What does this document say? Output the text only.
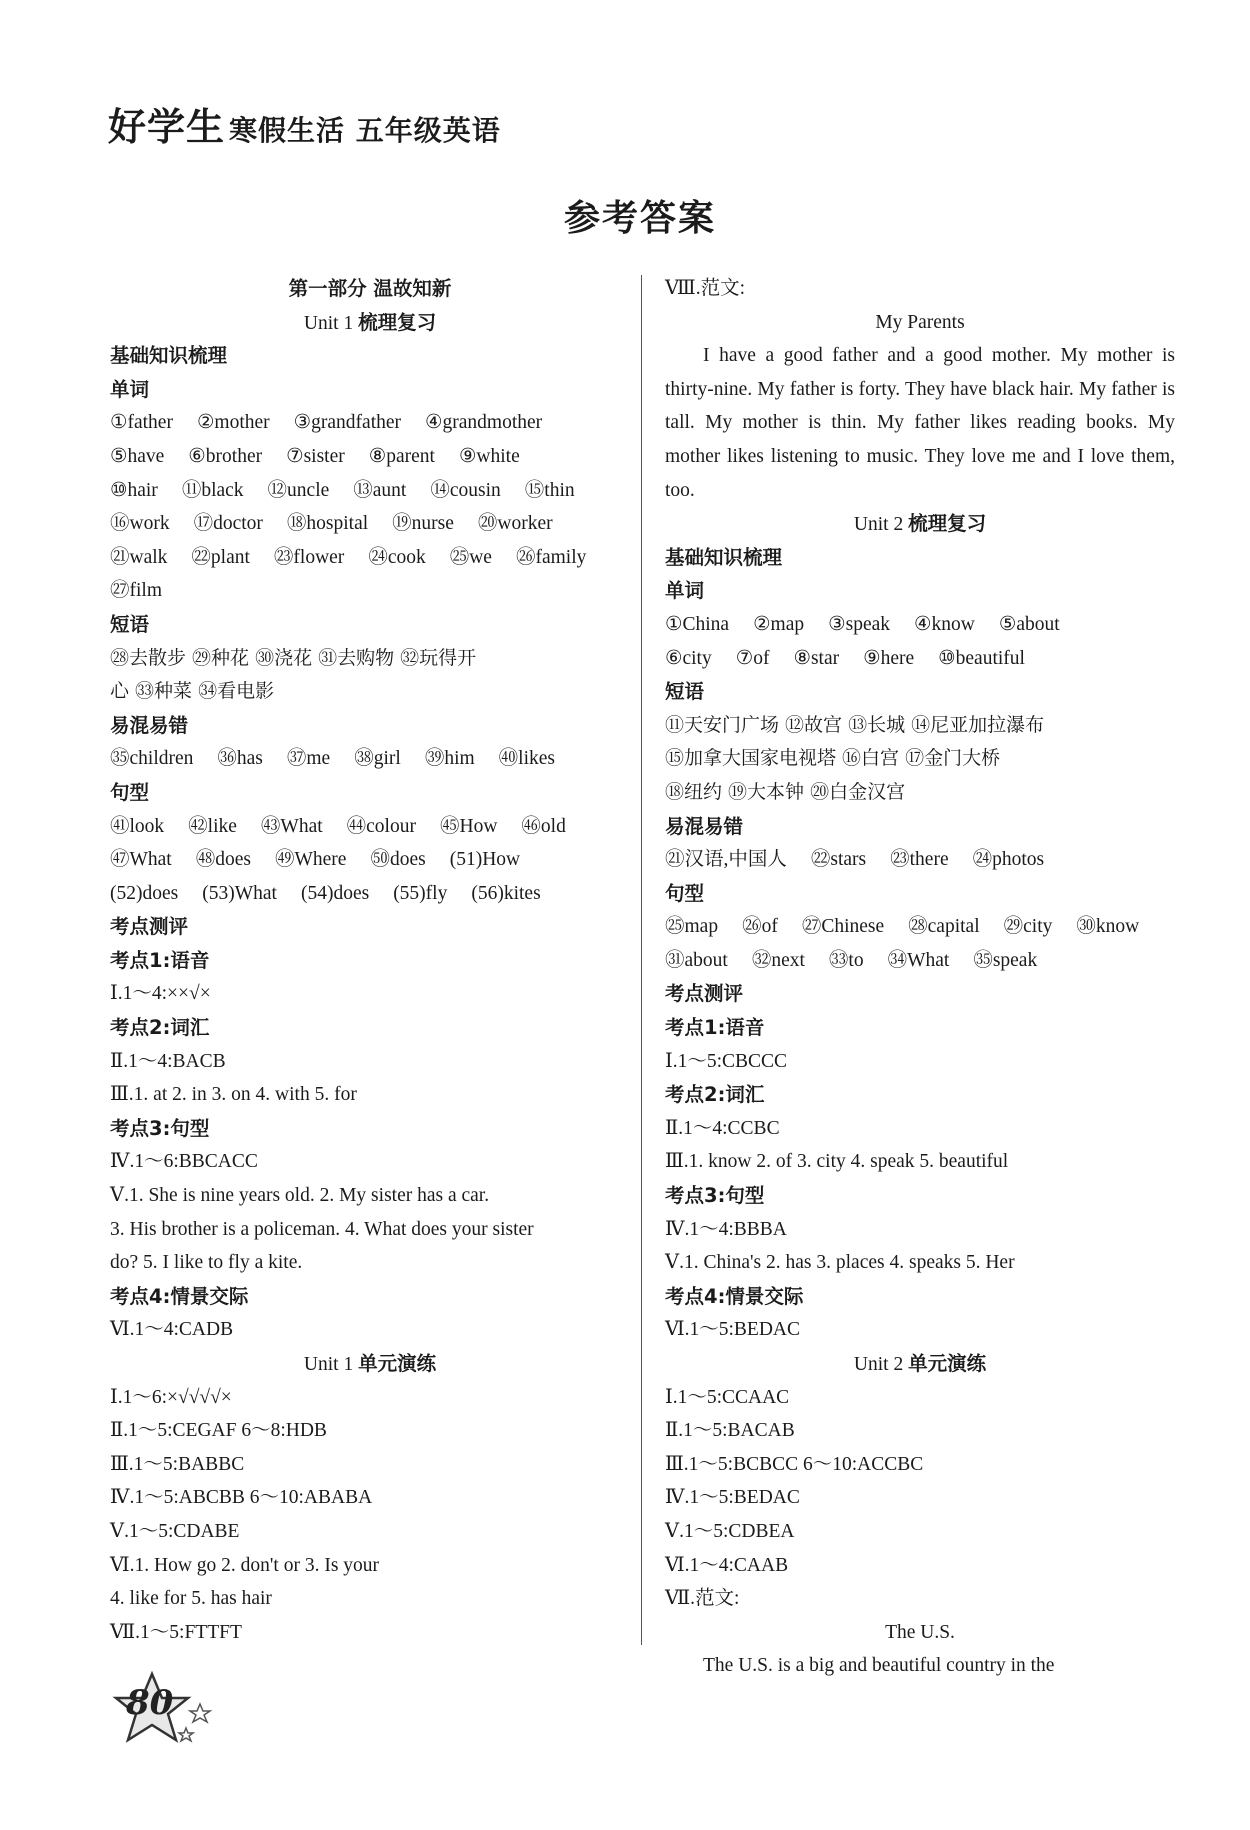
好学生 寒假生活 五年级英语
参考答案
第一部分 温故知新
Unit 1 梳理复习
基础知识梳理
单词
①father ②mother ③grandfather ④grandmother
⑤have ⑥brother ⑦sister ⑧parent ⑨white
⑩hair ⑪black ⑫uncle ⑬aunt ⑭cousin ⑮thin
⑯work ⑰doctor ⑱hospital ⑲nurse ⑳worker
㉑walk ㉒plant ㉓flower ㉔cook ㉕we ㉖family
㉗film
短语
㉘去散步 ㉙种花 ㉚浇花 ㉛去购物 ㉜玩得开
心 ㉝种菜 ㉞看电影
易混易错
㉟children ㊱has ㊲me ㊳girl ㊴him ㊵likes
句型
㊶look ㊷like ㊸What ㊹colour ㊺How ㊻old
㊼What ㊽does ㊾Where ㊿does (51)How
(52)does (53)What (54)does (55)fly (56)kites
考点测评
考点1:语音
Ⅰ.1～4:××√×
考点2:词汇
Ⅱ.1～4:BACB
Ⅲ.1. at 2. in 3. on 4. with 5. for
考点3:句型
Ⅳ.1～6:BBCACC
Ⅴ.1. She is nine years old. 2. My sister has a car.
3. His brother is a policeman. 4. What does your sister
do? 5. I like to fly a kite.
考点4:情景交际
Ⅵ.1～4:CADB
Unit 1 单元演练
Ⅰ.1～6:×√√√√×
Ⅱ.1～5:CEGAF 6～8:HDB
Ⅲ.1～5:BABBC
Ⅳ.1～5:ABCBB 6～10:ABABA
Ⅴ.1～5:CDABE
Ⅵ.1. How go 2. don't or 3. Is your
4. like for 5. has hair
Ⅶ.1～5:FTTFT
Ⅷ.范文:
My Parents
I have a good father and a good mother. My mother is thirty-nine. My father is forty. They have black hair. My father is tall. My mother is thin. My father likes reading books. My mother likes listening to music. They love me and I love them, too.
Unit 2 梳理复习
基础知识梳理
单词
①China ②map ③speak ④know ⑤about
⑥city ⑦of ⑧star ⑨here ⑩beautiful
短语
⑪天安门广场 ⑫故宫 ⑬长城 ⑭尼亚加拉瀑布
⑮加拿大国家电视塔 ⑯白宫 ⑰金门大桥
⑱纽约 ⑲大本钟 ⑳白金汉宫
易混易错
㉑汉语,中国人 ㉒stars ㉓there ㉔photos
句型
㉕map ㉖of ㉗Chinese ㉘capital ㉙city ㉚know
㉛about ㉜next ㉝to ㉞What ㉟speak
考点测评
考点1:语音
Ⅰ.1～5:CBCCC
考点2:词汇
Ⅱ.1～4:CCBC
Ⅲ.1. know 2. of 3. city 4. speak 5. beautiful
考点3:句型
Ⅳ.1～4:BBBA
Ⅴ.1. China's 2. has 3. places 4. speaks 5. Her
考点4:情景交际
Ⅵ.1～5:BEDAC
Unit 2 单元演练
Ⅰ.1～5:CCAAC
Ⅱ.1～5:BACAB
Ⅲ.1～5:BCBCC 6～10:ACCBC
Ⅳ.1～5:BEDAC
Ⅴ.1～5:CDBEA
Ⅵ.1～4:CAAB
Ⅶ.范文:
The U.S.
The U.S. is a big and beautiful country in the
80
